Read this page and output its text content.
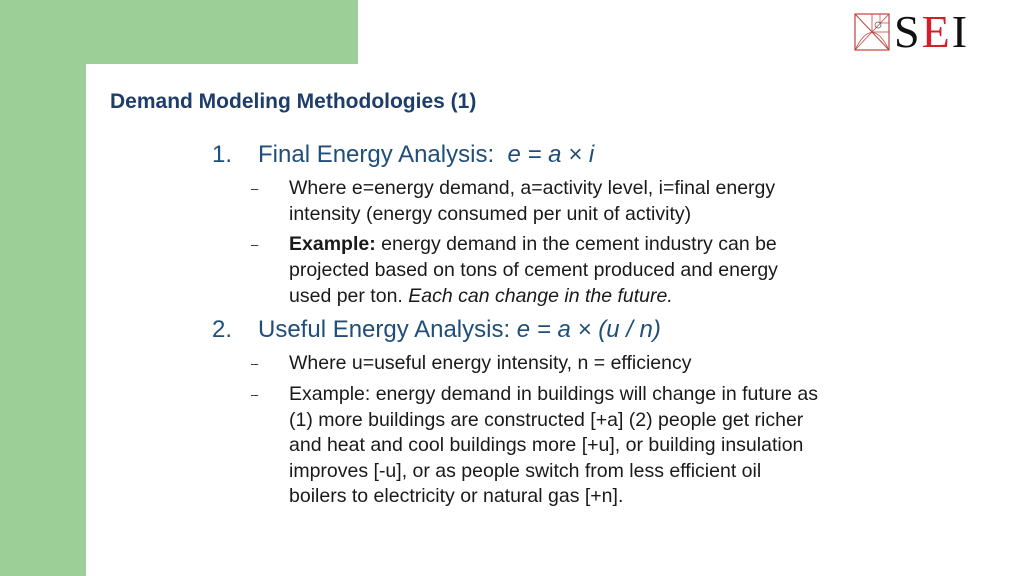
SEI
Demand Modeling Methodologies (1)
1. Final Energy Analysis: e = a × i
– Where e=energy demand, a=activity level, i=final energy
intensity (energy consumed per unit of activity)
– Example: energy demand in the cement industry can be
projected based on tons of cement produced and energy
used per ton. Each can change in the future.
2. Useful Energy Analysis: e = a × (u / n)
– Where u=useful energy intensity, n = efficiency
– Example: energy demand in buildings will change in future as
(1) more buildings are constructed [+a] (2) people get richer
and heat and cool buildings more [+u], or building insulation
improves [-u], or as people switch from less efficient oil
boilers to electricity or natural gas [+n].
